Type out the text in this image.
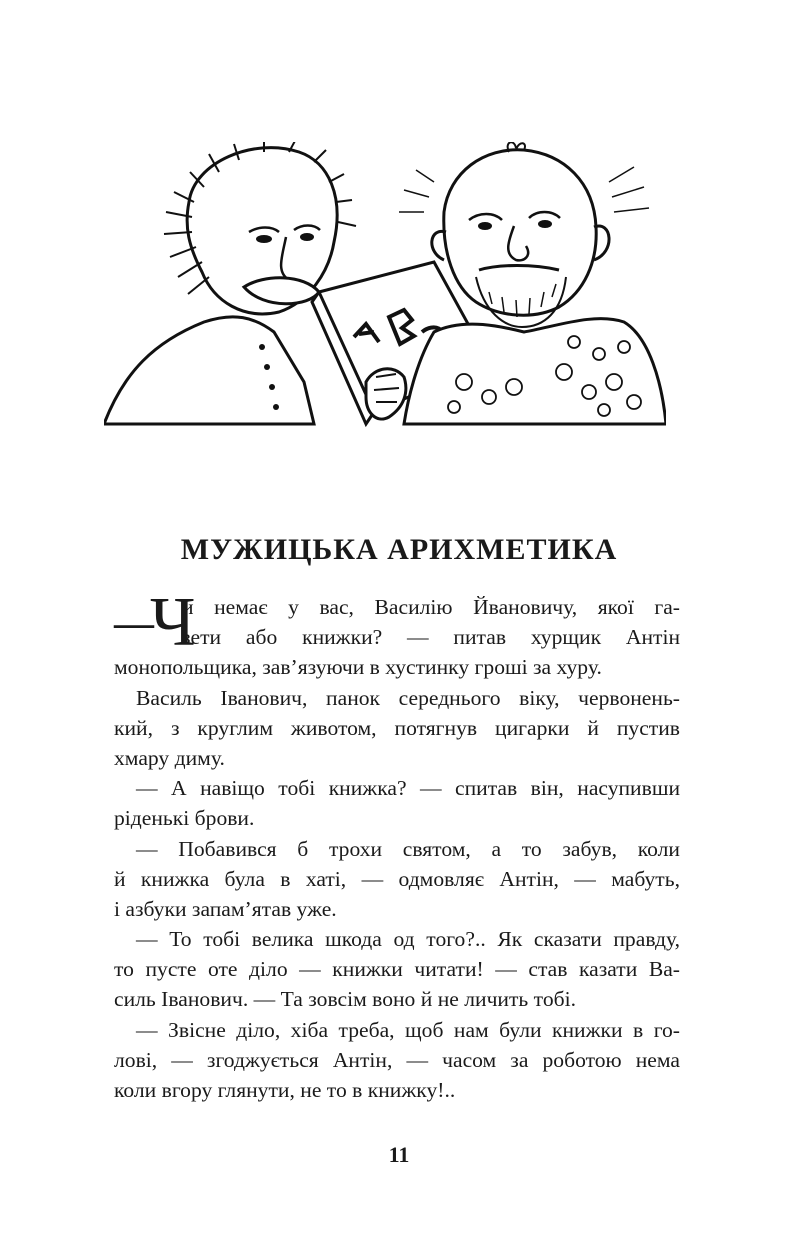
МУЖИЦЬКА АРИХМЕТИКА
—
Ч
и немає у вас, Василію Йвановичу, якої га-
зети або книжки? — питав хурщик Антін
монопольщика, зав’язуючи в хустинку гроші за хуру.
Василь Іванович, панок середнього віку, червонень-
кий, з круглим животом, потягнув цигарки й пустив
хмару диму.
— А навіщо тобі книжка? — спитав він, насупивши
ріденькі брови.
— Побавився б трохи святом, а то забув, коли
й книжка була в хаті, — одмовляє Антін, — мабуть,
і азбуки запам’ятав уже.
— То тобі велика шкода од того?.. Як сказати правду,
то пусте оте діло — книжки читати! — став казати Ва-
силь Іванович. — Та зовсім воно й не личить тобі.
— Звісне діло, хіба треба, щоб нам були книжки в го-
лові, — згоджується Антін, — часом за роботою нема
коли вгору глянути, не то в книжку!..
11
